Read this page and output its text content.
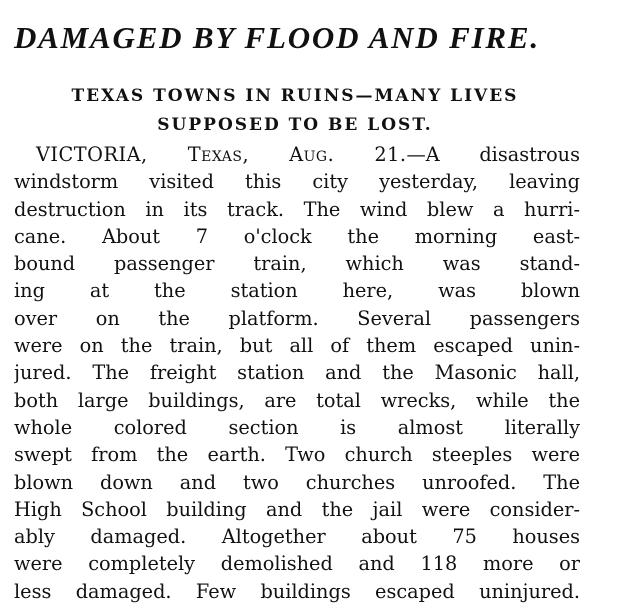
DAMAGED BY FLOOD AND FIRE.
TEXAS TOWNS IN RUINS—MANY LIVES
SUPPOSED TO BE LOST.
VICTORIA, Texas, Aug. 21.—A disastrous
windstorm visited this city yesterday, leaving
destruction in its track. The wind blew a hurri-
cane. About 7 o'clock the morning east-
bound passenger train, which was stand-
ing at the station here, was blown
over on the platform. Several passengers
were on the train, but all of them escaped unin-
jured. The freight station and the Masonic hall,
both large buildings, are total wrecks, while the
whole colored section is almost literally
swept from the earth. Two church steeples were
blown down and two churches unroofed. The
High School building and the jail were consider-
ably damaged. Altogether about 75 houses
were completely demolished and 118 more or
less damaged. Few buildings escaped uninjured.
